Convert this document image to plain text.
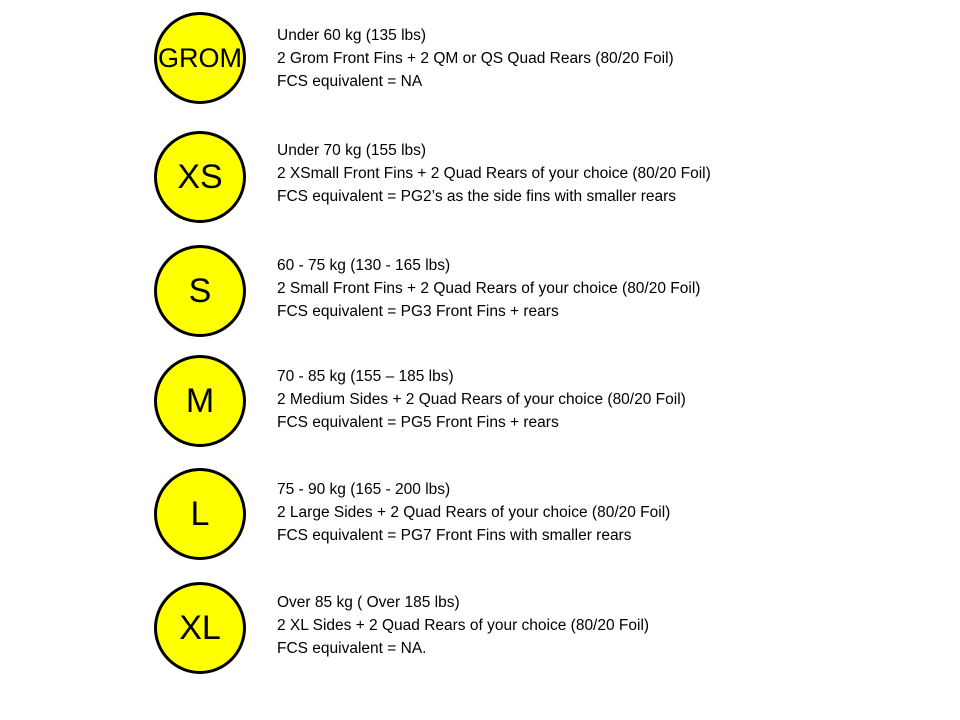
GROM
Under 60 kg (135 lbs)
2 Grom Front Fins + 2 QM or QS Quad Rears (80/20 Foil)
FCS equivalent = NA
XS
Under 70 kg (155 lbs)
2 XSmall Front Fins + 2 Quad Rears of your choice (80/20 Foil)
FCS equivalent = PG2’s as the side fins with smaller rears
S
60 - 75 kg (130 - 165 lbs)
2 Small Front Fins + 2 Quad Rears of your choice (80/20 Foil)
FCS equivalent = PG3 Front Fins + rears
M
70 - 85 kg (155 – 185 lbs)
2 Medium Sides + 2 Quad Rears of your choice (80/20 Foil)
FCS equivalent = PG5 Front Fins + rears
L
75 - 90 kg (165 - 200 lbs)
2 Large Sides + 2 Quad Rears of your choice (80/20 Foil)
FCS equivalent = PG7 Front Fins with smaller rears
XL
Over 85 kg ( Over 185 lbs)
2 XL Sides + 2 Quad Rears of your choice (80/20 Foil)
FCS equivalent = NA.
